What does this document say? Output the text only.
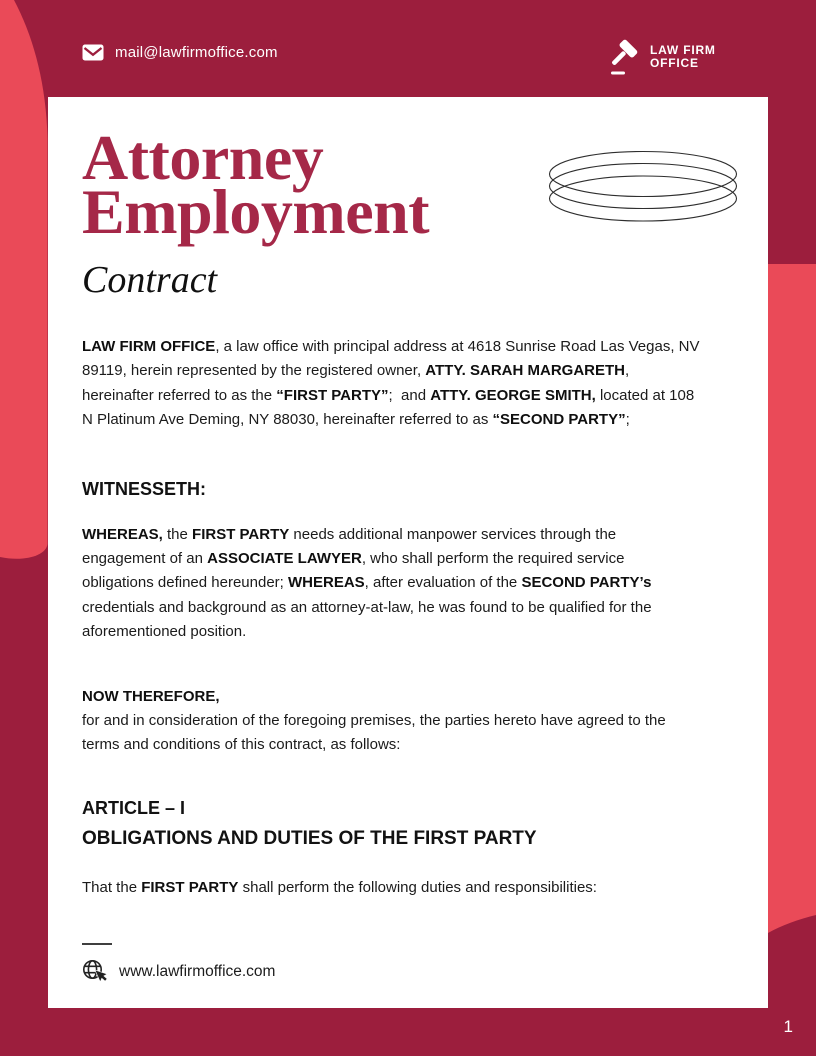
mail@lawfirmoffice.com	LAW FIRM
OFFICE
Attorney
Employment
Contract

LAW FIRM OFFICE, a law office with principal address at 4618 Sunrise Road Las Vegas, NV
89119, herein represented by the registered owner, ATTY. SARAH MARGARETH,
hereinafter referred to as the “FIRST PARTY”;  and ATTY. GEORGE SMITH, located at 108
N Platinum Ave Deming, NY 88030, hereinafter referred to as “SECOND PARTY”;

WITNESSETH:

WHEREAS, the FIRST PARTY needs additional manpower services through the
engagement of an ASSOCIATE LAWYER, who shall perform the required service
obligations defined hereunder; WHEREAS, after evaluation of the SECOND PARTY’s
credentials and background as an attorney-at-law, he was found to be qualified for the
aforementioned position.

NOW THEREFORE,
for and in consideration of the foregoing premises, the parties hereto have agreed to the
terms and conditions of this contract, as follows:

ARTICLE – I
OBLIGATIONS AND DUTIES OF THE FIRST PARTY

That the FIRST PARTY shall perform the following duties and responsibilities:

www.lawfirmoffice.com
1
